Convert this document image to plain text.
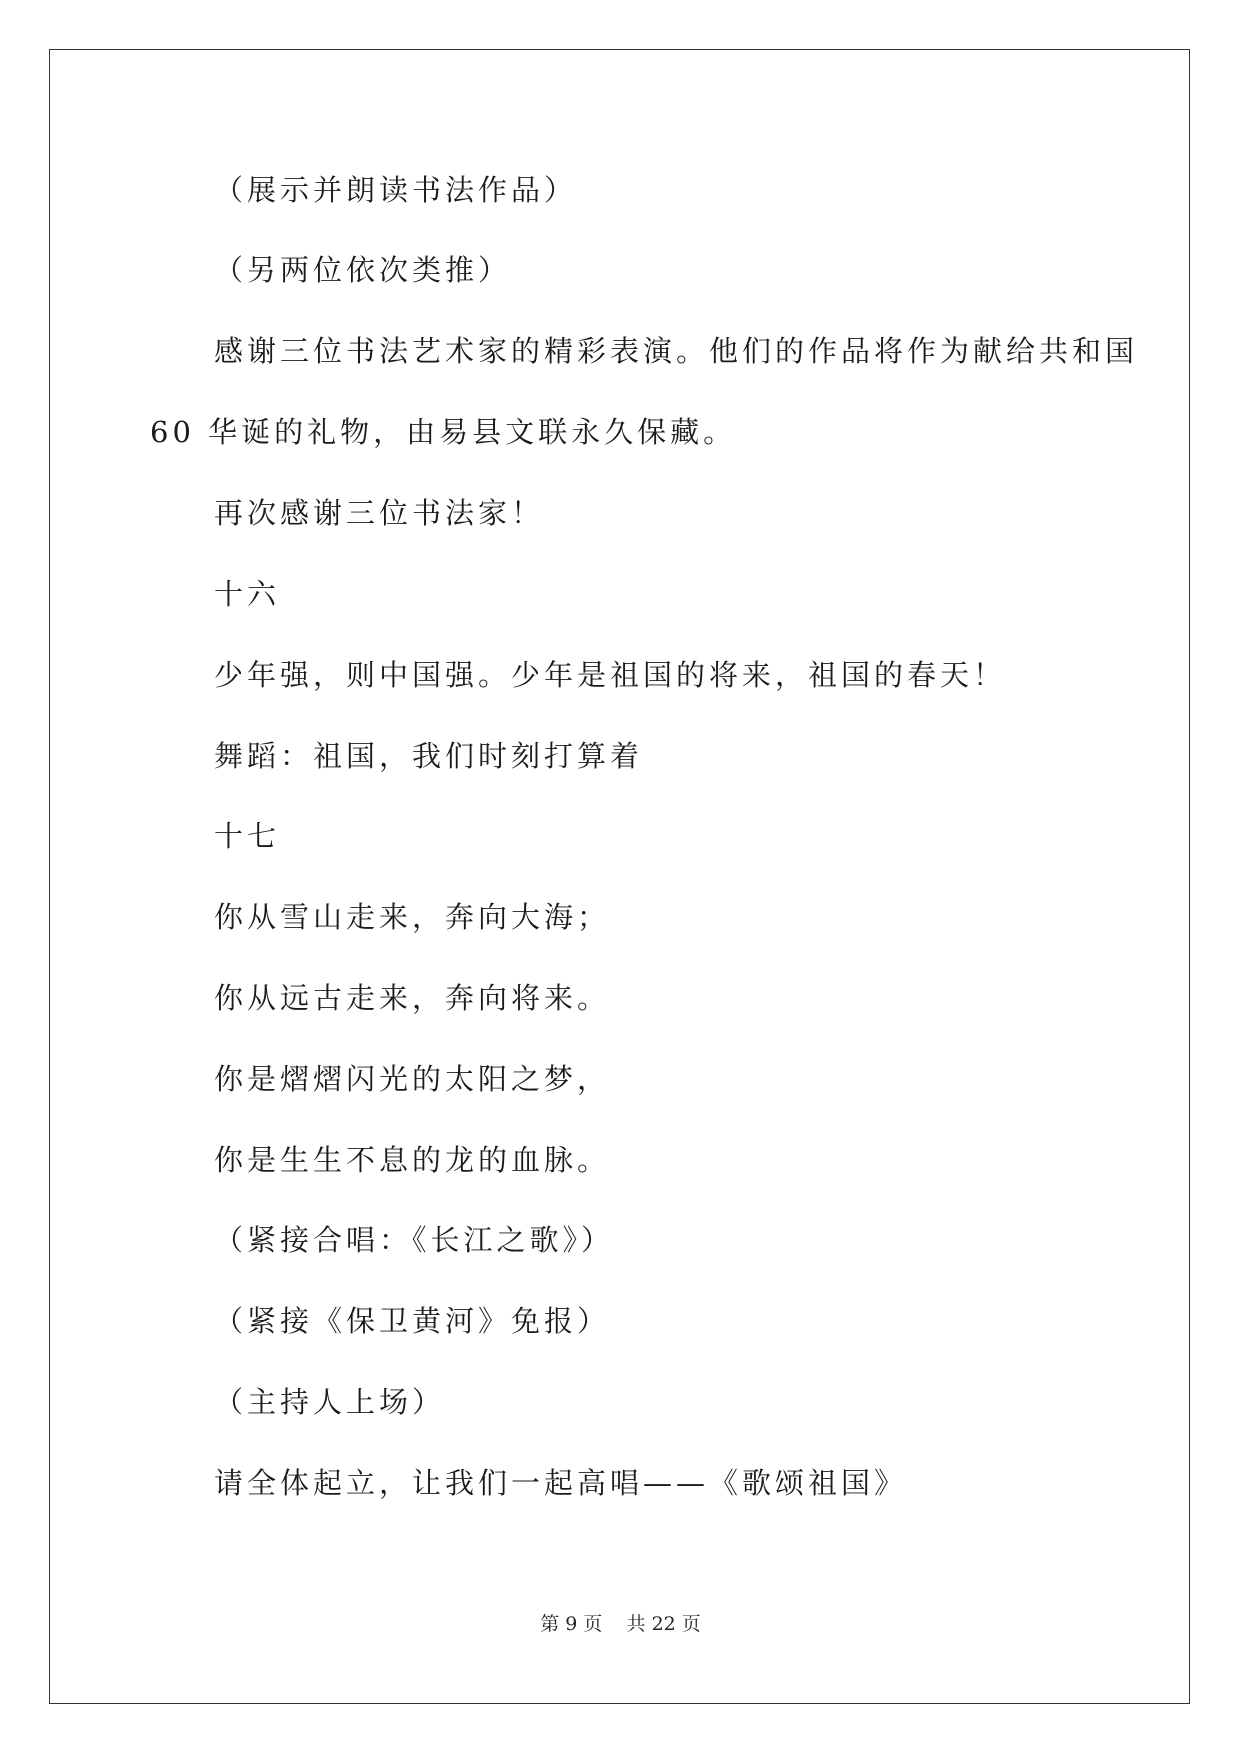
（展示并朗读书法作品）
（另两位依次类推）
感谢三位书法艺术家的精彩表演。他们的作品将作为献给共和国
60 华诞的礼物，由易县文联永久保藏。
再次感谢三位书法家！
十六
少年强，则中国强。少年是祖国的将来，祖国的春天！
舞蹈：祖国，我们时刻打算着
十七
你从雪山走来，奔向大海；
你从远古走来，奔向将来。
你是熠熠闪光的太阳之梦，
你是生生不息的龙的血脉。
（紧接合唱：《长江之歌》）
（紧接《保卫黄河》免报）
（主持人上场）
请全体起立，让我们一起高唱——《歌颂祖国》
第 9 页    共 22 页
